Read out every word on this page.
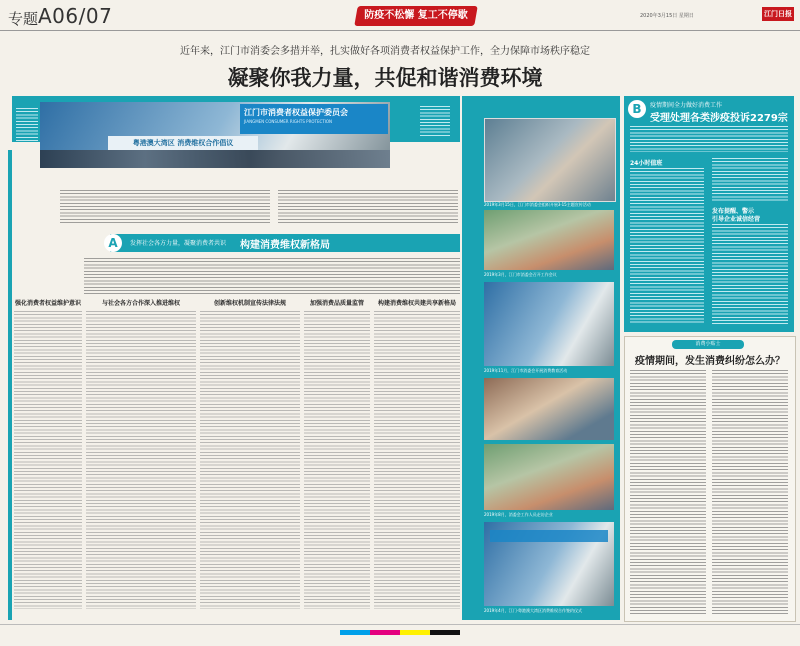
专题 A06/07	防疫不松懈 复工不停歇	2020年3月15日 星期日	江门日报
近年来，江门市消委会多措并举，扎实做好各项消费者权益保护工作，全力保障市场秩序稳定
凝聚你我力量，共促和谐消费环境
江门市消费者权益保护委员会
JIANGMEN CONSUMER RIGHTS PROTECTION
粤港澳大湾区 消费维权合作倡议
A	发挥社会各方力量，凝聚消费者共识 构建消费维权新格局
强化消费者权益维护意识	与社会各方合作深入推进维权	创新维权机制宣传法律法规	加强消费品质量监管	构建消费维权共建共享新格局
2019年3月15日，江门市消委会组织开展3·15主题宣传活动
2019年3月，江门市消委会召开工作会议
2019年11月，江门市消委会开展消费教育活动
2019年8月，消委会工作人员走访企业
2019年4月，江门·粤港澳大湾区消费维权合作签约仪式
B	疫情期间全力做好消费工作
受理处理各类涉疫投诉2279宗
24小时值班
发布提醒、警示
引导企业诚信经营
消费小贴士
疫情期间，发生消费纠纷怎么办？
